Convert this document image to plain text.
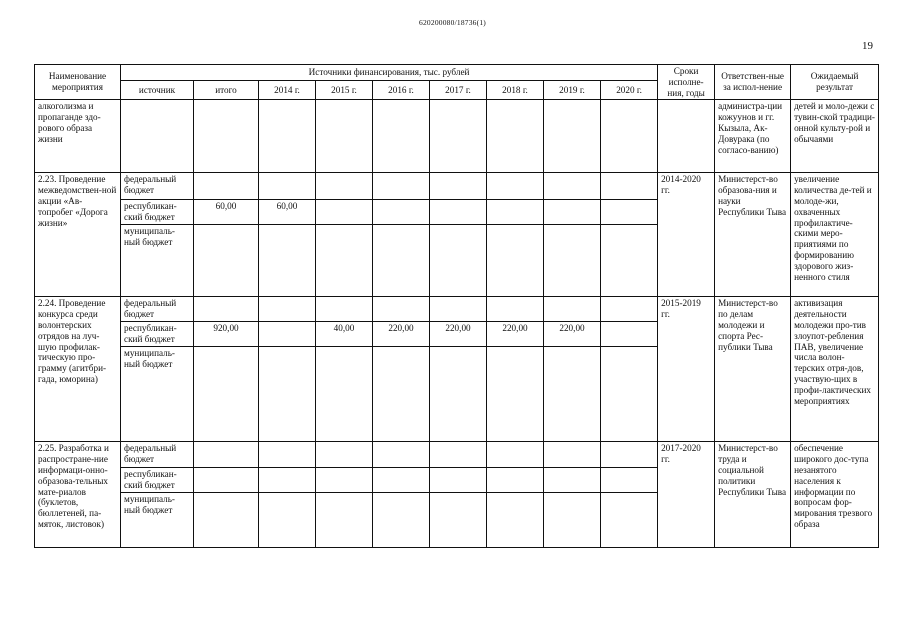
620200080/18736(1)
19
Наименование мероприятия	Источники финансирования, тыс. рублей									Сроки исполне-ния, годы	Ответствен-ные за испол-нение	Ожидаемый результат
	источник	итого	2014 г.	2015 г.	2016 г.	2017 г.	2018 г.	2019 г.	2020 г.			
алкоголизма и пропаганде здо-рового образа жизни											администра-ции кожуунов и гг. Кызыла, Ак-Довурака (по согласо-ванию)	детей и моло-дежи с тувин-ской традици-онной культу-рой и обычаями
2.23. Проведение межведомствен-ной акции «Ав-топробег «Дорога жизни»	федеральный бюджет									2014-2020 гг.	Министерст-во образова-ния и науки Республики Тыва	увеличение количества де-тей и молоде-жи, охваченных профилактиче-скими меро-приятиями по формированию здорового жиз-ненного стиля
	республикан-ский бюджет	60,00	60,00									
	муниципаль-ный бюджет											
2.24. Проведение конкурса среди волонтерских отрядов на луч-шую профилак-тическую про-грамму (агитбри-гада, юморина)	федеральный бюджет									2015-2019 гг.	Министерст-во по делам молодежи и спорта Рес-публики Тыва	активизация деятельности молодежи про-тив злоупот-ребления ПАВ, увеличение числа волон-терских отря-дов, участвую-щих в профи-лактических мероприятиях
	республикан-ский бюджет	920,00		40,00	220,00	220,00	220,00	220,00				
	муниципаль-ный бюджет											
2.25. Разработка и распростране-ние информаци-онно-образова-тельных мате-риалов (буклетов, бюллетеней, па-мяток, листовок)	федеральный бюджет									2017-2020 гг.	Министерст-во труда и социальной политики Республики Тыва	обеспечение широкого дос-тупа незанятого населения к информации по вопросам фор-мирования трезвого образа
	республикан-ский бюджет											
	муниципаль-ный бюджет											
